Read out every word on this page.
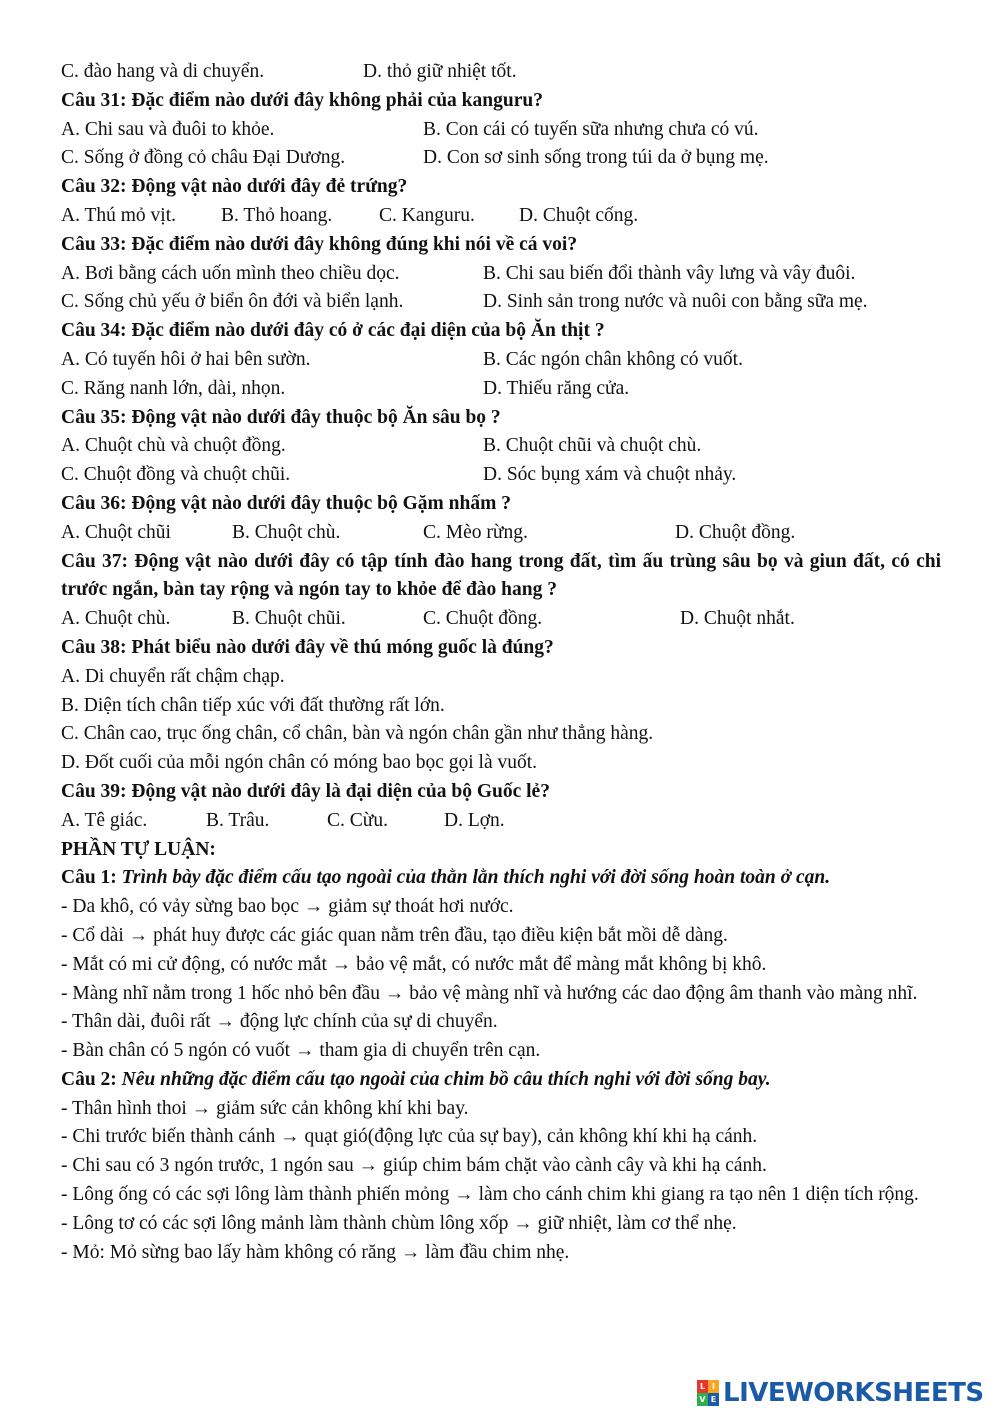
C. đào hang và di chuyển.	D. thỏ giữ nhiệt tốt.
Câu 31: Đặc điểm nào dưới đây không phải của kanguru?
A. Chi sau và đuôi to khỏe.	B. Con cái có tuyến sữa nhưng chưa có vú.
C. Sống ở đồng cỏ châu Đại Dương.	D. Con sơ sinh sống trong túi da ở bụng mẹ.
Câu 32: Động vật nào dưới đây đẻ trứng?
A. Thú mỏ vịt. B. Thỏ hoang. C. Kanguru. D. Chuột cống.
Câu 33: Đặc điểm nào dưới đây không đúng khi nói về cá voi?
A. Bơi bằng cách uốn mình theo chiều dọc.	B. Chi sau biến đổi thành vây lưng và vây đuôi.
C. Sống chủ yếu ở biển ôn đới và biển lạnh.	D. Sinh sản trong nước và nuôi con bằng sữa mẹ.
Câu 34: Đặc điểm nào dưới đây có ở các đại diện của bộ Ăn thịt ?
A. Có tuyến hôi ở hai bên sườn.	B. Các ngón chân không có vuốt.
C. Răng nanh lớn, dài, nhọn.	D. Thiếu răng cửa.
Câu 35: Động vật nào dưới đây thuộc bộ Ăn sâu bọ ?
A. Chuột chù và chuột đồng.	B. Chuột chũi và chuột chù.
C. Chuột đồng và chuột chũi.	D. Sóc bụng xám và chuột nhảy.
Câu 36: Động vật nào dưới đây thuộc bộ Gặm nhấm ?
A. Chuột chũi	B. Chuột chù.	C. Mèo rừng.	D. Chuột đồng.
Câu 37: Động vật nào dưới đây có tập tính đào hang trong đất, tìm ấu trùng sâu bọ và giun đất, có chi trước ngắn, bàn tay rộng và ngón tay to khỏe để đào hang ?
A. Chuột chù.	B. Chuột chũi.	C. Chuột đồng.	D. Chuột nhắt.
Câu 38: Phát biểu nào dưới đây về thú móng guốc là đúng?
A. Di chuyển rất chậm chạp.
B. Diện tích chân tiếp xúc với đất thường rất lớn.
C. Chân cao, trục ống chân, cổ chân, bàn và ngón chân gần như thẳng hàng.
D. Đốt cuối của mỗi ngón chân có móng bao bọc gọi là vuốt.
Câu 39: Động vật nào dưới đây là đại diện của bộ Guốc lẻ?
A. Tê giác.	B. Trâu.	C. Cừu.	D. Lợn.
PHẦN TỰ LUẬN:
Câu 1: Trình bày đặc điểm cấu tạo ngoài của thằn lằn thích nghi với đời sống hoàn toàn ở cạn.
- Da khô, có vảy sừng bao bọc → giảm sự thoát hơi nước.
- Cổ dài → phát huy được các giác quan nằm trên đầu, tạo điều kiện bắt mồi dễ dàng.
- Mắt có mi cử động, có nước mắt → bảo vệ mắt, có nước mắt để màng mắt không bị khô.
- Màng nhĩ nằm trong 1 hốc nhỏ bên đầu → bảo vệ màng nhĩ và hướng các dao động âm thanh vào màng nhĩ.
- Thân dài, đuôi rất → động lực chính của sự di chuyển.
- Bàn chân có 5 ngón có vuốt → tham gia di chuyển trên cạn.
Câu 2: Nêu những đặc điểm cấu tạo ngoài của chim bồ câu thích nghi với đời sống bay.
- Thân hình thoi → giảm sức cản không khí khi bay.
- Chi trước biến thành cánh → quạt gió(động lực của sự bay), cản không khí khi hạ cánh.
- Chi sau có 3 ngón trước, 1 ngón sau → giúp chim bám chặt vào cành cây và khi hạ cánh.
- Lông ống có các sợi lông làm thành phiến mỏng → làm cho cánh chim khi giang ra tạo nên 1 diện tích rộng.
- Lông tơ có các sợi lông mảnh làm thành chùm lông xốp → giữ nhiệt, làm cơ thể nhẹ.
- Mỏ: Mỏ sừng bao lấy hàm không có răng → làm đầu chim nhẹ.
L I
V E LIVEWORKSHEETS
